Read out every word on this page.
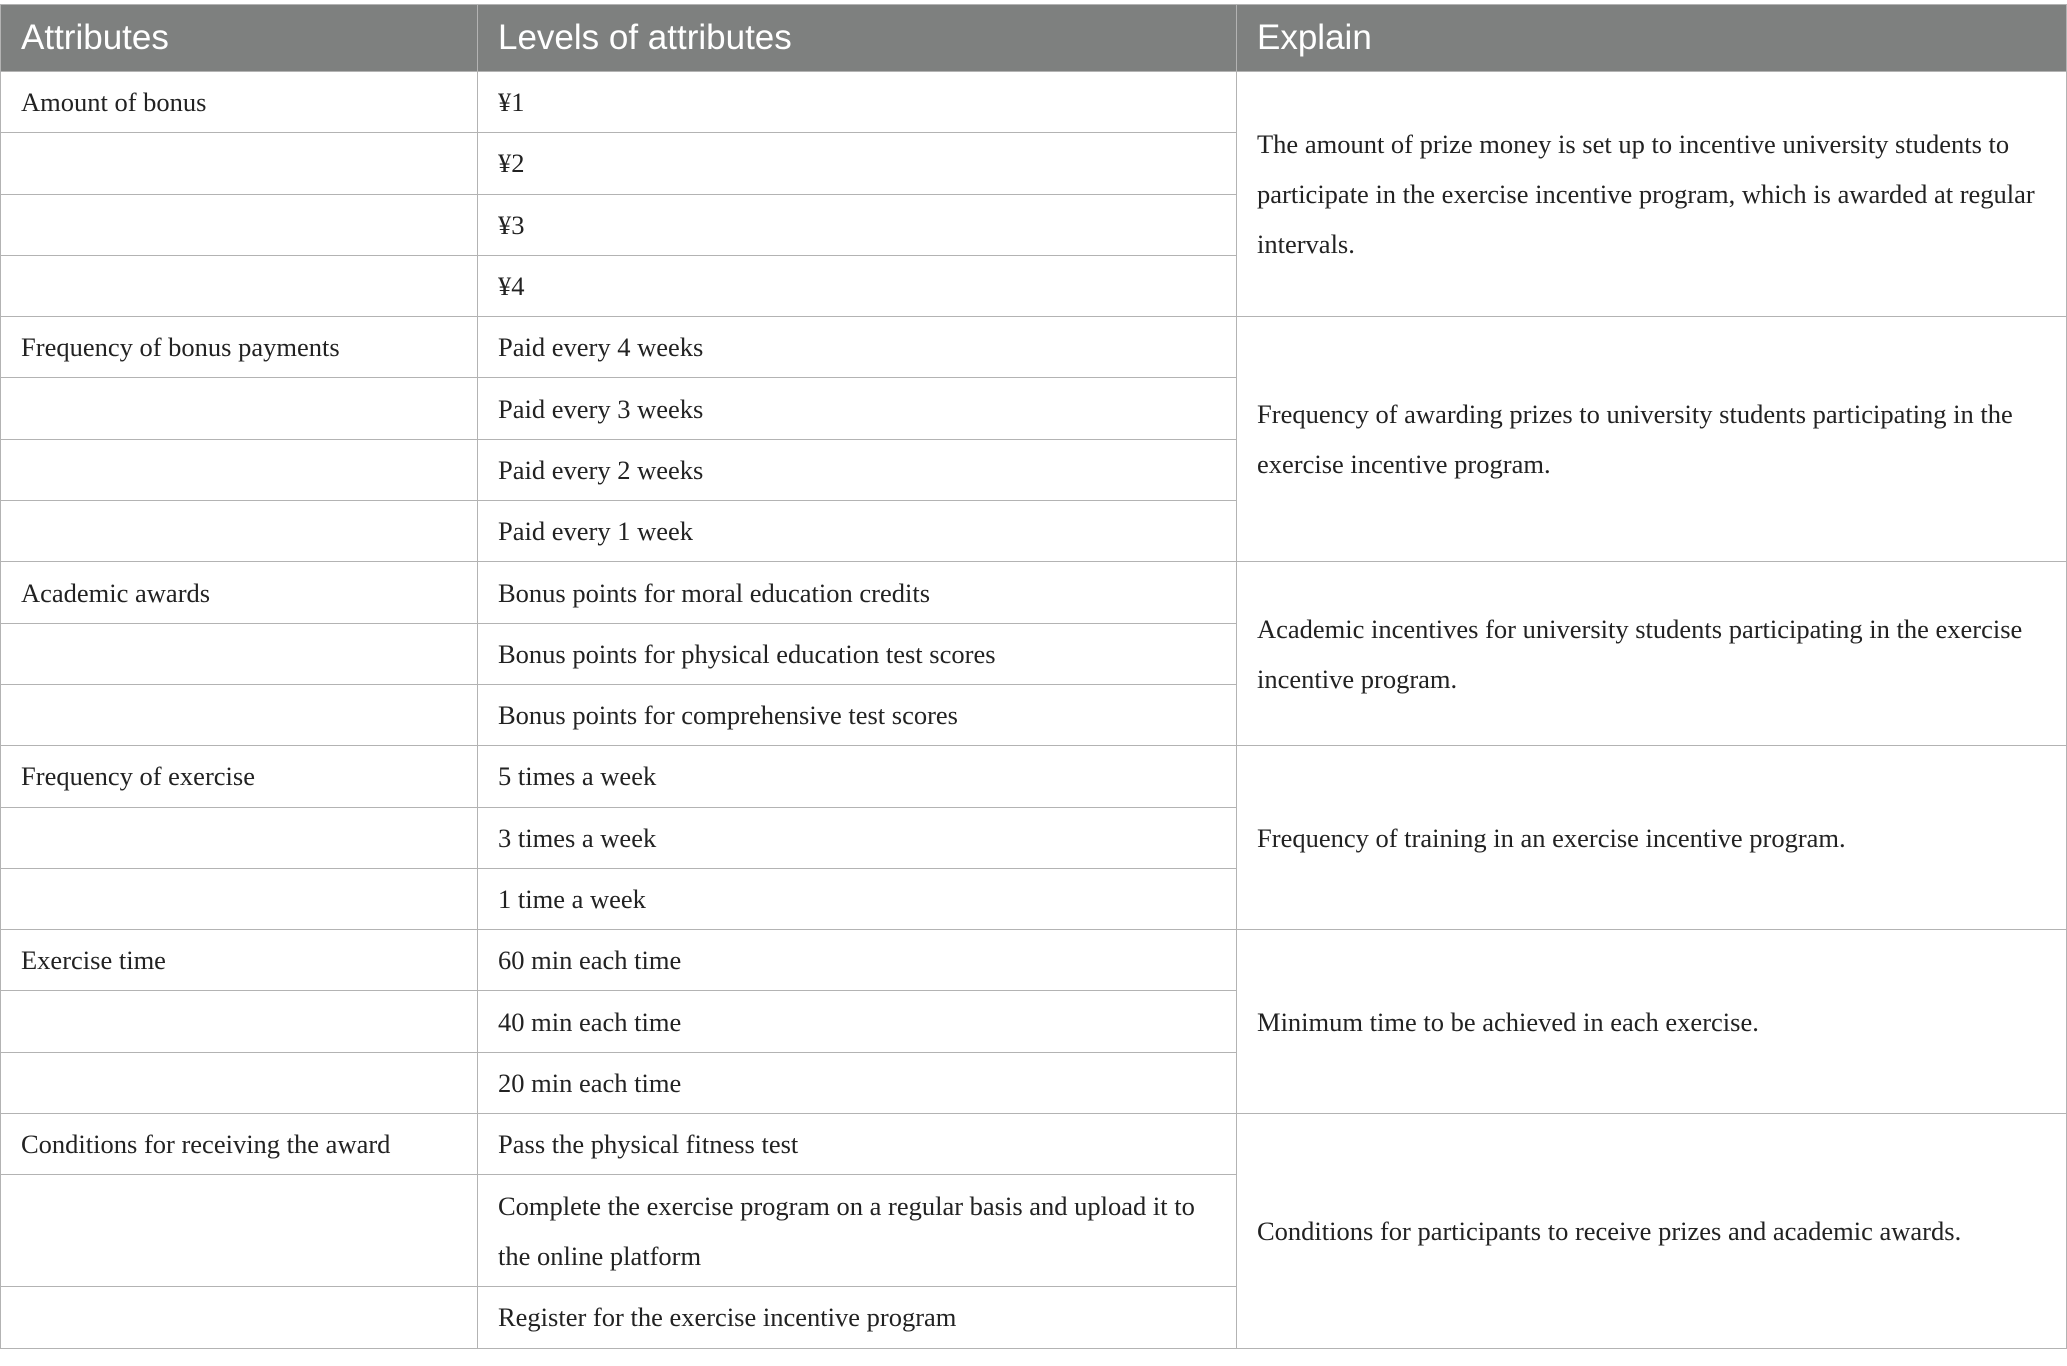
Attributes	Levels of attributes	Explain
Amount of bonus	¥1	The amount of prize money is set up to incentive university students to participate in the exercise incentive program, which is awarded at regular intervals.
	¥2	
	¥3	
	¥4	
Frequency of bonus payments	Paid every 4 weeks	Frequency of awarding prizes to university students participating in the exercise incentive program.
	Paid every 3 weeks	
	Paid every 2 weeks	
	Paid every 1 week	
Academic awards	Bonus points for moral education credits	Academic incentives for university students participating in the exercise incentive program.
	Bonus points for physical education test scores	
	Bonus points for comprehensive test scores	
Frequency of exercise	5 times a week	Frequency of training in an exercise incentive program.
	3 times a week	
	1 time a week	
Exercise time	60 min each time	Minimum time to be achieved in each exercise.
	40 min each time	
	20 min each time	
Conditions for receiving the award	Pass the physical fitness test	Conditions for participants to receive prizes and academic awards.
	Complete the exercise program on a regular basis and upload it to the online platform	
	Register for the exercise incentive program	
